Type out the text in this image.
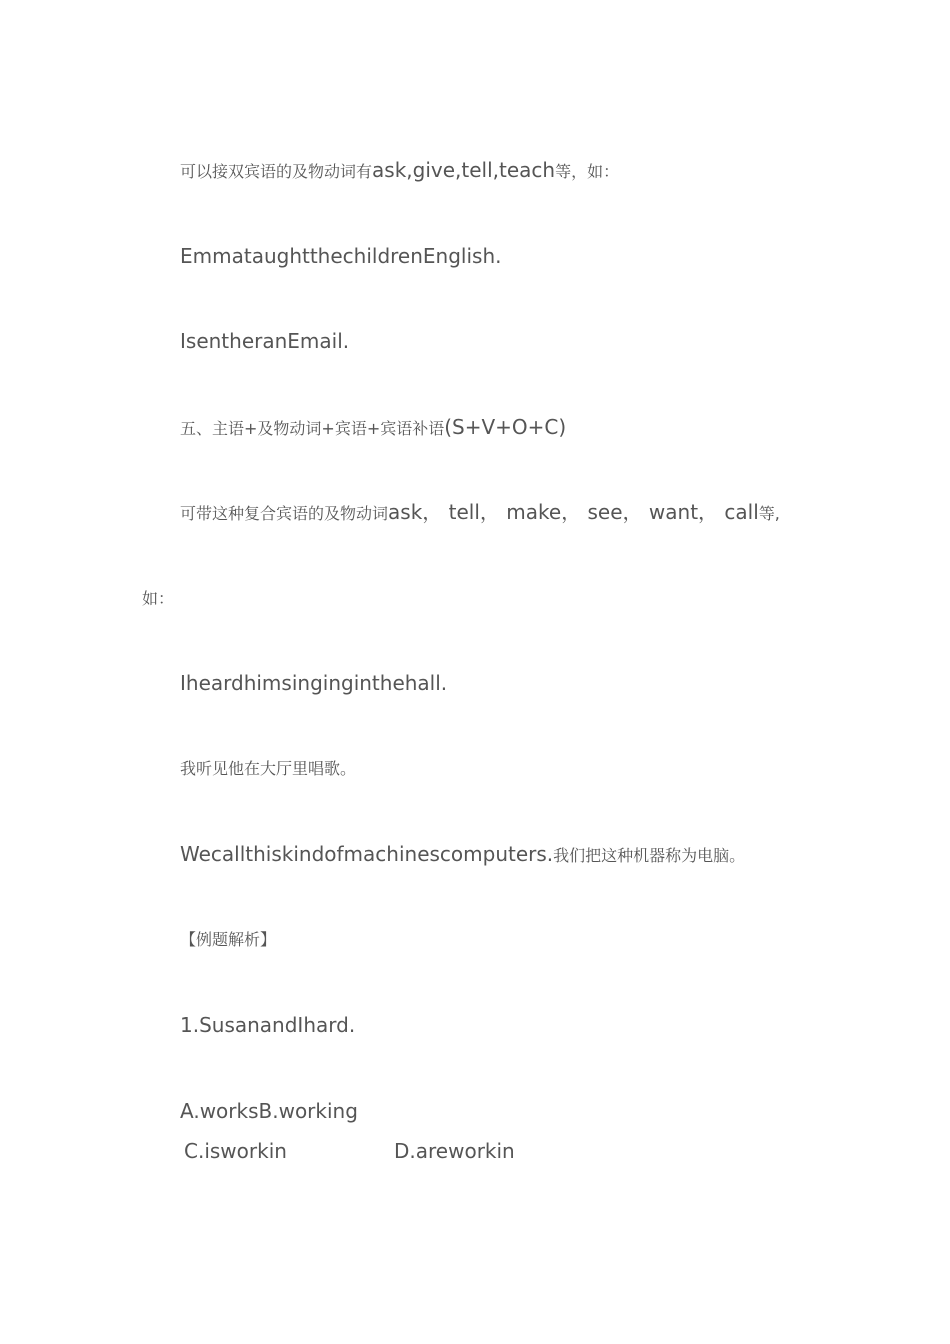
可以接双宾语的及物动词有ask,give,tell,teach等，如：
EmmataughtthechildrenEnglish.
IsentheranEmail.
五、主语+及物动词+宾语+宾语补语(S+V+O+C)
可带这种复合宾语的及物动词ask， tell， make， see， want， call等,
如：
Iheardhimsinginginthehall.
我听见他在大厅里唱歌。
Wecallthiskindofmachinescomputers.我们把这种机器称为电脑。
【例题解析】
1.SusanandIhard.
A.worksB.working
C.isworkin	D.areworkin
